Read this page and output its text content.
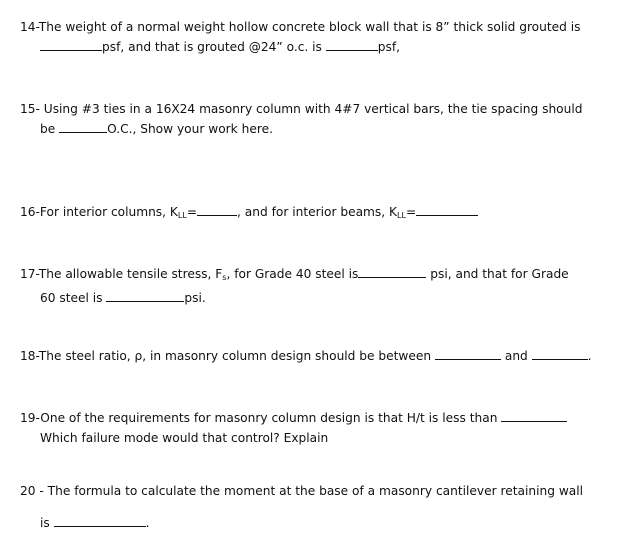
14-The weight of a normal weight hollow concrete block wall that is 8” thick solid grouted is
psf, and that is grouted @24” o.c. is	psf,
15- Using #3 ties in a 16X24 masonry column with 4#7 vertical bars, the tie spacing should
be	O.C., Show your work here.
16-For interior columns, $K_{LL}=$	, and for interior beams, $K_{LL}=$
17-The allowable tensile stress, $F_s$, for Grade 40 steel is	psi, and that for Grade
60 steel is	psi.
18-The steel ratio, ρ, in masonry column design should be between	and	.
19-One of the requirements for masonry column design is that H/t is less than
Which failure mode would that control? Explain
20 - The formula to calculate the moment at the base of a masonry cantilever retaining wall
is	.
